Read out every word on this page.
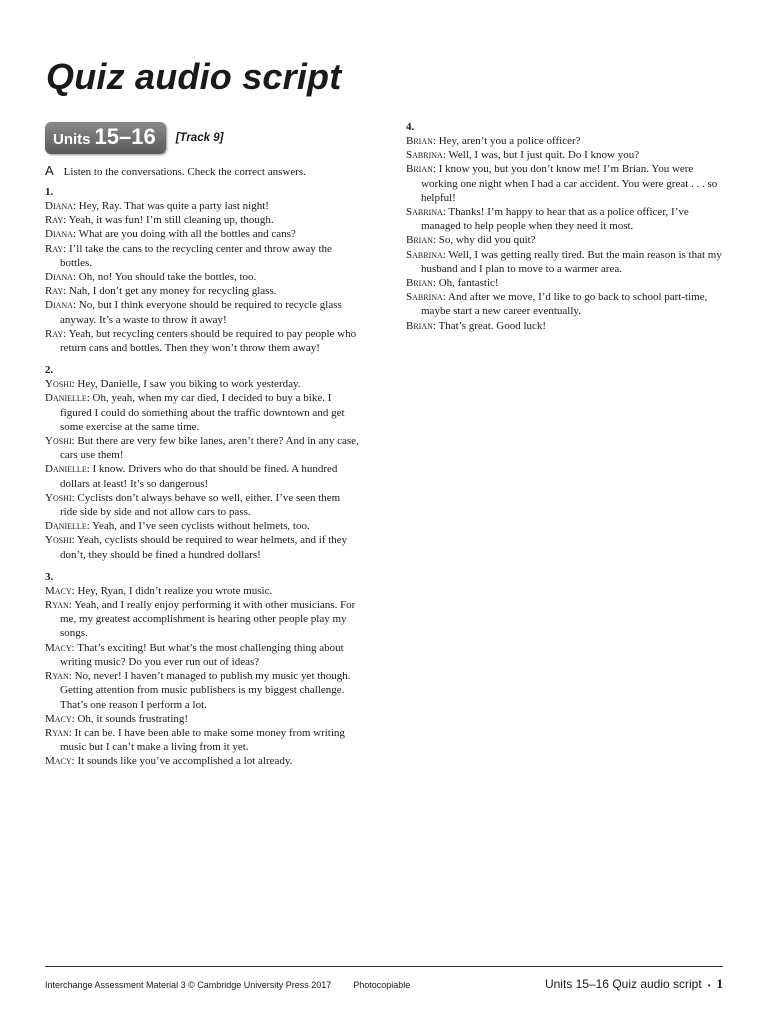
Quiz audio script
Units 15–16 [Track 9]

A Listen to the conversations. Check the correct answers.

1.

Diana: Hey, Ray. That was quite a party last night!

Ray: Yeah, it was fun! I’m still cleaning up, though.

Diana: What are you doing with all the bottles and cans?

Ray: I’ll take the cans to the recycling center and throw away the bottles.

Diana: Oh, no! You should take the bottles, too.

Ray: Nah, I don’t get any money for recycling glass.

Diana: No, but I think everyone should be required to recycle glass anyway. It’s a waste to throw it away!

Ray: Yeah, but recycling centers should be required to pay people who return cans and bottles. Then they won’t throw them away!

2.

Yoshi: Hey, Danielle, I saw you biking to work yesterday.

Danielle: Oh, yeah, when my car died, I decided to buy a bike. I figured I could do something about the traffic downtown and get some exercise at the same time.

Yoshi: But there are very few bike lanes, aren’t there? And in any case, cars use them!

Danielle: I know. Drivers who do that should be fined. A hundred dollars at least! It’s so dangerous!

Yoshi: Cyclists don’t always behave so well, either. I’ve seen them ride side by side and not allow cars to pass.

Danielle: Yeah, and I’ve seen cyclists without helmets, too.

Yoshi: Yeah, cyclists should be required to wear helmets, and if they don’t, they should be fined a hundred dollars!

3.

Macy: Hey, Ryan, I didn’t realize you wrote music.

Ryan: Yeah, and I really enjoy performing it with other musicians. For me, my greatest accomplishment is hearing other people play my songs.

Macy: That’s exciting! But what’s the most challenging thing about writing music? Do you ever run out of ideas?

Ryan: No, never! I haven’t managed to publish my music yet though. Getting attention from music publishers is my biggest challenge. That’s one reason I perform a lot.

Macy: Oh, it sounds frustrating!

Ryan: It can be. I have been able to make some money from writing music but I can’t make a living from it yet.

Macy: It sounds like you’ve accomplished a lot already.

4.

Brian: Hey, aren’t you a police officer?

Sabrina: Well, I was, but I just quit. Do I know you?

Brian: I know you, but you don’t know me! I’m Brian. You were working one night when I had a car accident. You were great . . . so helpful!

Sabrina: Thanks! I’m happy to hear that as a police officer, I’ve managed to help people when they need it most.

Brian: So, why did you quit?

Sabrina: Well, I was getting really tired. But the main reason is that my husband and I plan to move to a warmer area.

Brian: Oh, fantastic!

Sabrina: And after we move, I’d like to go back to school part-time, maybe start a new career eventually.

Brian: That’s great. Good luck!

Interchange Assessment Material 3 © Cambridge University Press 2017 Photocopiable	Units 15–16 Quiz audio script • 1
